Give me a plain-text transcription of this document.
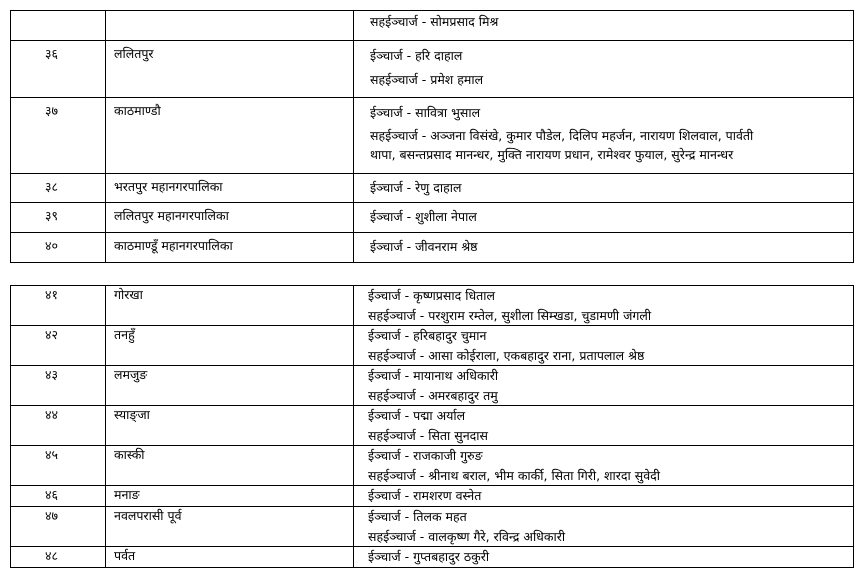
		सहईञ्चार्ज - सोमप्रसाद मिश्र

३६	ललितपुर	ईञ्चार्ज - हरि दाहाल
सहईञ्चार्ज - प्रमेश हमाल

३७	काठमाण्डौ	ईञ्चार्ज - सावित्रा भुसाल
सहईञ्चार्ज - अञ्जना विसंखे, कुमार पौडेल, दिलिप महर्जन, नारायण शिलवाल, पार्वती
थापा, बसन्तप्रसाद मानन्धर, मुक्ति नारायण प्रधान, रामेश्वर फुयाल, सुरेन्द्र मानन्धर

३८	भरतपुर महानगरपालिका	ईञ्चार्ज - रेणु दाहाल

३९	ललितपुर महानगरपालिका	ईञ्चार्ज - शुशीला नेपाल

४०	काठमाण्डूँ महानगरपालिका	ईञ्चार्ज - जीवनराम श्रेष्ठ
४१	गोरखा	ईञ्चार्ज - कृष्णप्रसाद धिताल
सहईञ्चार्ज - परशुराम रम्तेल, सुशीला सिम्खडा, चुडामणी जंगली

४२	तनहुँ	ईञ्चार्ज - हरिबहादुर चुमान
सहईञ्चार्ज - आसा कोईराला, एकबहादुर राना, प्रतापलाल श्रेष्ठ

४३	लमजुङ	ईञ्चार्ज - मायानाथ अधिकारी
सहईञ्चार्ज - अमरबहादुर तमु

४४	स्याङ्जा	ईञ्चार्ज - पद्मा अर्याल
सहईञ्चार्ज - सिता सुनदास

४५	कास्की	ईञ्चार्ज - राजकाजी गुरुङ
सहईञ्चार्ज - श्रीनाथ बराल, भीम कार्की, सिता गिरी, शारदा सुवेदी

४६	मनाङ	ईञ्चार्ज - रामशरण वस्नेत

४७	नवलपरासी पूर्व	ईञ्चार्ज - तिलक महत
सहईञ्चार्ज - वालकृष्ण गैरे, रविन्द्र अधिकारी

४८	पर्वत	ईञ्चार्ज - गुप्तबहादुर ठकुरी
